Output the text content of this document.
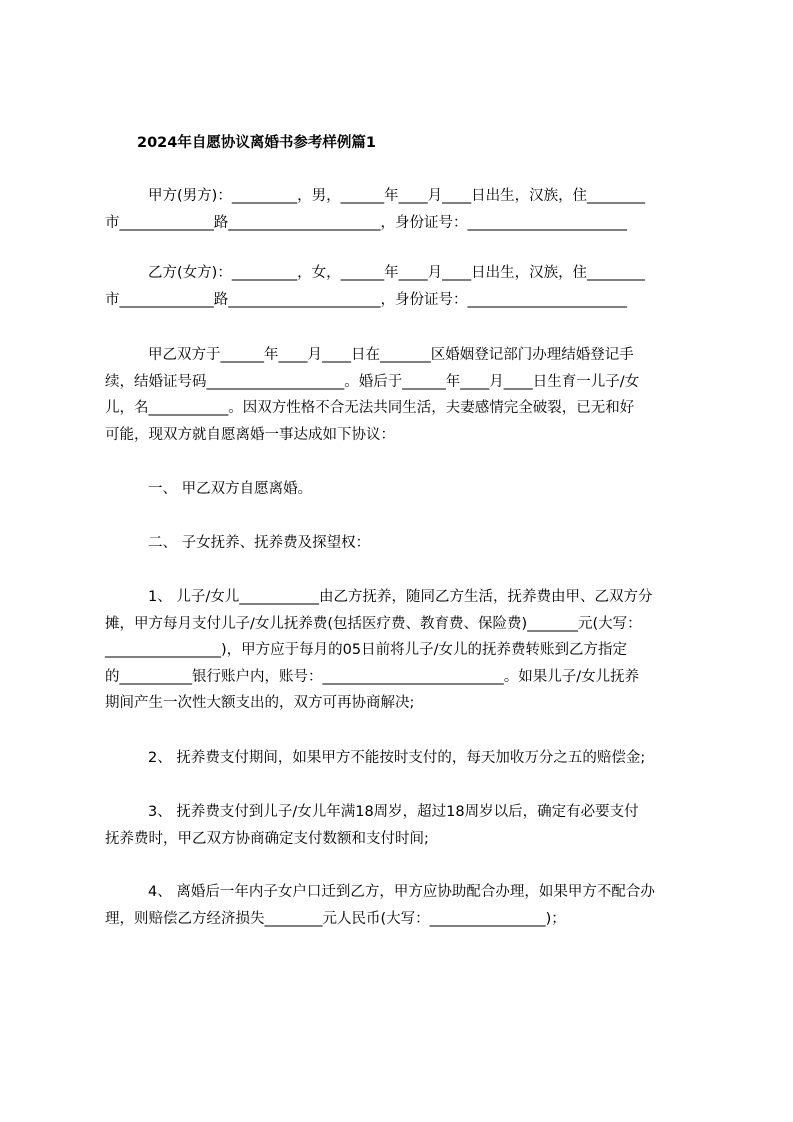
2024年自愿协议离婚书参考样例篇1
甲方(男方)：_________，男，______年____月____日出生，汉族，住________
市_____________路_____________________，身份证号：______________________
乙方(女方)：_________，女，______年____月____日出生，汉族，住________
市_____________路_____________________，身份证号：______________________
甲乙双方于______年____月____日在_______区婚姻登记部门办理结婚登记手
续，结婚证号码___________________。婚后于______年____月____日生育一儿子/女
儿，名___________。因双方性格不合无法共同生活，夫妻感情完全破裂，已无和好
可能，现双方就自愿离婚一事达成如下协议：
一、 甲乙双方自愿离婚。
二、 子女抚养、抚养费及探望权：
1、 儿子/女儿___________由乙方抚养，随同乙方生活，抚养费由甲、乙双方分
摊，甲方每月支付儿子/女儿抚养费(包括医疗费、教育费、保险费)_______元(大写：
________________)，甲方应于每月的05日前将儿子/女儿的抚养费转账到乙方指定
的__________银行账户内，账号：_________________________。如果儿子/女儿抚养
期间产生一次性大额支出的，双方可再协商解决;
2、 抚养费支付期间，如果甲方不能按时支付的，每天加收万分之五的赔偿金;
3、 抚养费支付到儿子/女儿年满18周岁，超过18周岁以后，确定有必要支付
抚养费时，甲乙双方协商确定支付数额和支付时间;
4、 离婚后一年内子女户口迁到乙方，甲方应协助配合办理，如果甲方不配合办
理，则赔偿乙方经济损失________元人民币(大写：________________)；
